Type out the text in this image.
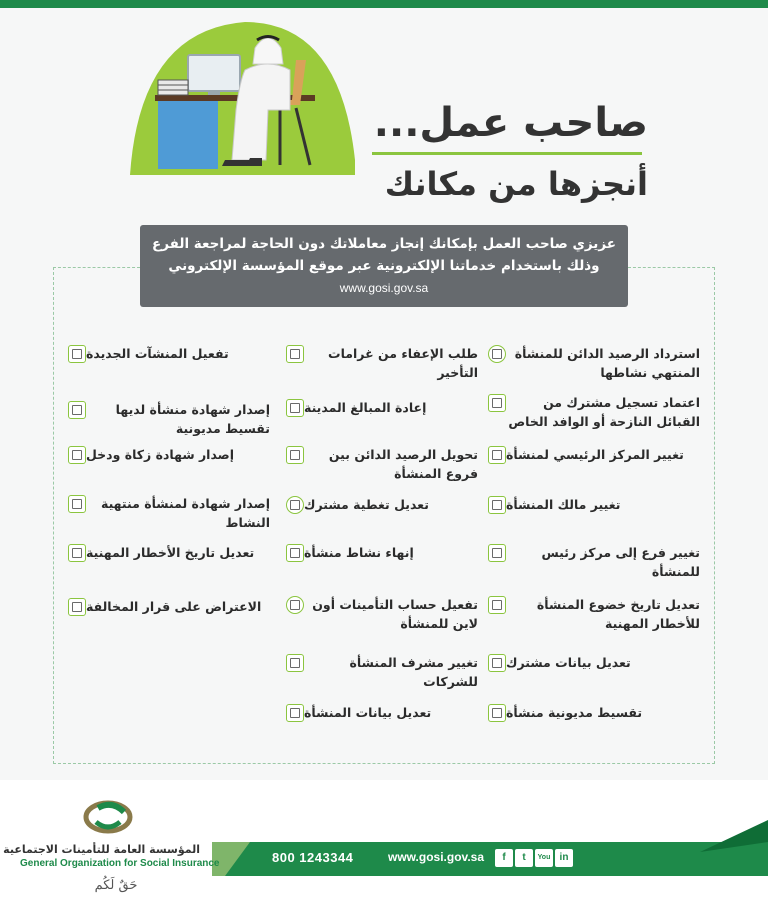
صاحب عمل...
أنجزها من مكانك
عزيزي صاحب العمل بإمكانك إنجاز معاملاتك دون الحاجة لمراجعة الفرع
وذلك باستخدام خدماتنا الإلكترونية عبر موقع المؤسسة الإلكتروني
www.gosi.gov.sa
استرداد الرصيد الدائن للمنشأة المنتهي نشاطها
اعتماد تسجيل مشترك من القبائل النازحة أو الوافد الخاص
تغيير المركز الرئيسي لمنشأة
تغيير مالك المنشأة
تغيير فرع إلى مركز رئيس للمنشأة
تعديل تاريخ خضوع المنشأة للأخطار المهنية
تعديل بيانات مشترك
تقسيط مديونية منشأة
طلب الإعفاء من غرامات التأخير
إعادة المبالغ المدينة
تحويل الرصيد الدائن بين فروع المنشأة
تعديل تغطية مشترك
إنهاء نشاط منشأة
تفعيل حساب التأمينات أون لاين للمنشأة
تغيير مشرف المنشأة للشركات
تعديل بيانات المنشأة
تفعيل المنشآت الجديدة
إصدار شهادة منشأة لديها تقسيط مديونية
إصدار شهادة زكاة ودخل
إصدار شهادة لمنشأة منتهية النشاط
تعديل تاريخ الأخطار المهنية
الاعتراض على قرار المخالفة
800 1243344	www.gosi.gov.sa	f	t	You in
المؤسسة العامة للتأمينات الاجتماعية
General Organization for Social Insurance
حَقٌ لَكُم
